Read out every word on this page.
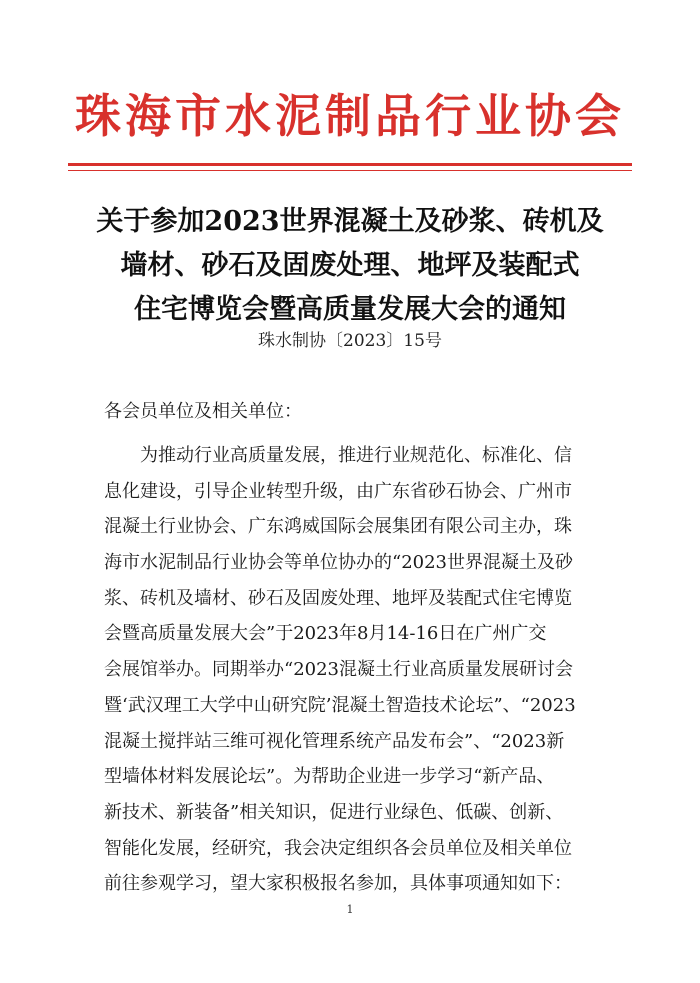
珠海市水泥制品行业协会
关于参加2023世界混凝土及砂浆、砖机及
墙材、砂石及固废处理、地坪及装配式
住宅博览会暨高质量发展大会的通知
珠水制协〔2023〕15号
各会员单位及相关单位：
为推动行业高质量发展，推进行业规范化、标准化、信
息化建设，引导企业转型升级，由广东省砂石协会、广州市
混凝土行业协会、广东鸿威国际会展集团有限公司主办，珠
海市水泥制品行业协会等单位协办的“2023世界混凝土及砂
浆、砖机及墙材、砂石及固废处理、地坪及装配式住宅博览
会暨高质量发展大会”于2023年8月14-16日在广州广交
会展馆举办。同期举办“2023混凝土行业高质量发展研讨会
暨‘武汉理工大学中山研究院’混凝土智造技术论坛”、“2023
混凝土搅拌站三维可视化管理系统产品发布会”、“2023新
型墙体材料发展论坛”。为帮助企业进一步学习“新产品、
新技术、新装备”相关知识，促进行业绿色、低碳、创新、
智能化发展，经研究，我会决定组织各会员单位及相关单位
前往参观学习，望大家积极报名参加，具体事项通知如下：
1
